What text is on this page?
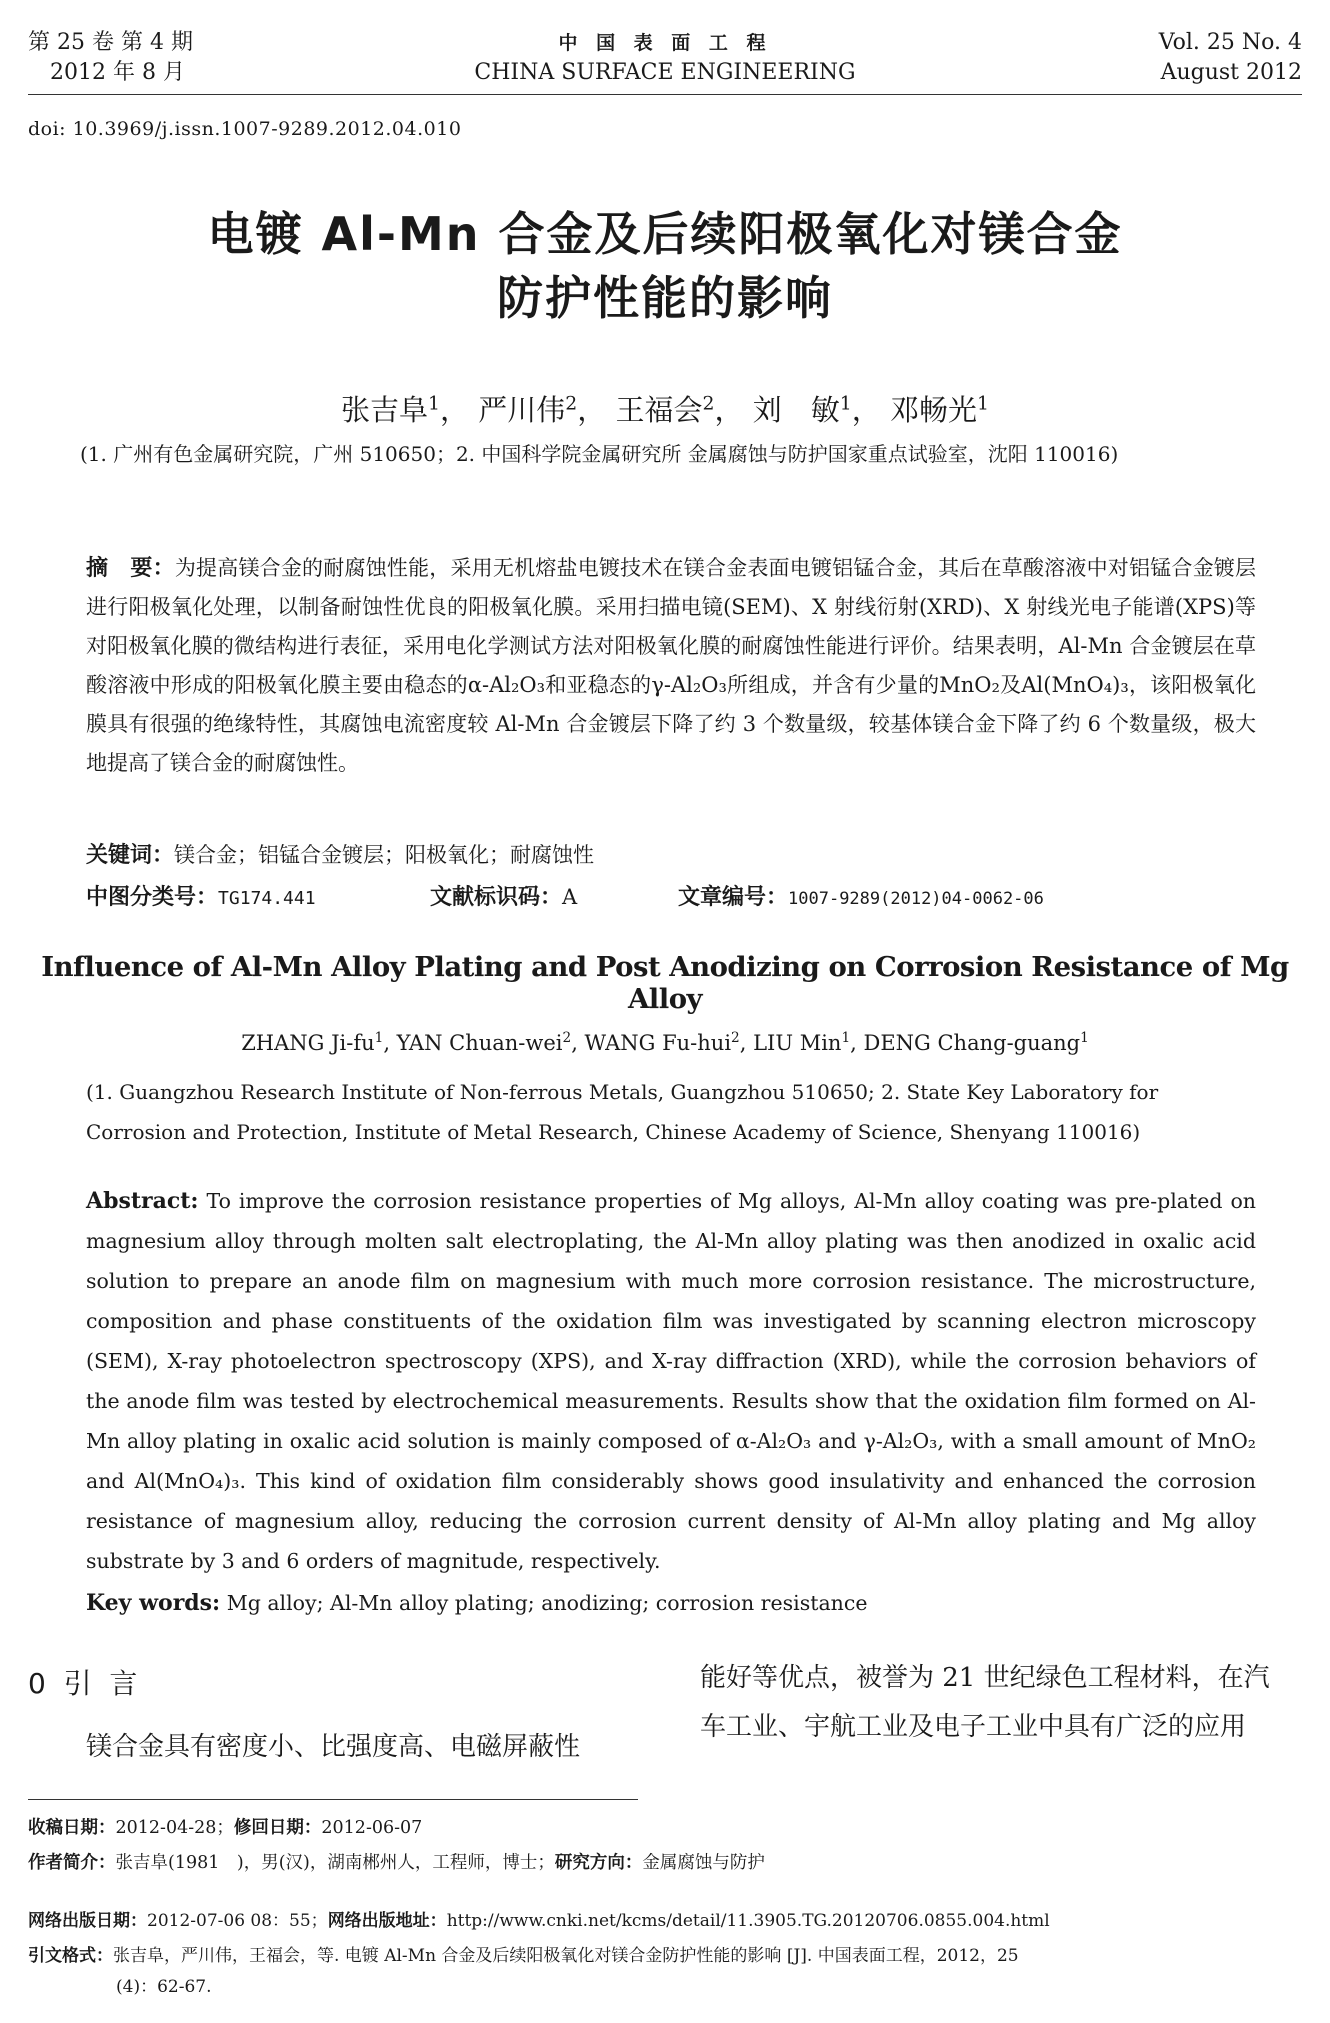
第 25 卷 第 4 期
2012 年 8 月
中 国 表 面 工 程
CHINA SURFACE ENGINEERING
Vol. 25 No. 4
August 2012
doi: 10.3969/j.issn.1007-9289.2012.04.010
电镀 Al-Mn 合金及后续阳极氧化对镁合金
防护性能的影响
张吉阜$^1$， 严川伟$^2$， 王福会$^2$， 刘　敏$^1$， 邓畅光$^1$
(1. 广州有色金属研究院，广州 510650；2. 中国科学院金属研究所 金属腐蚀与防护国家重点试验室，沈阳 110016)
摘　要：为提高镁合金的耐腐蚀性能，采用无机熔盐电镀技术在镁合金表面电镀铝锰合金，其后在草酸溶液中对铝锰合金镀层进行阳极氧化处理，以制备耐蚀性优良的阳极氧化膜。采用扫描电镜(SEM)、X 射线衍射(XRD)、X 射线光电子能谱(XPS)等对阳极氧化膜的微结构进行表征，采用电化学测试方法对阳极氧化膜的耐腐蚀性能进行评价。结果表明，Al-Mn 合金镀层在草酸溶液中形成的阳极氧化膜主要由稳态的α-Al₂O₃和亚稳态的γ-Al₂O₃所组成，并含有少量的MnO₂及Al(MnO₄)₃，该阳极氧化膜具有很强的绝缘特性，其腐蚀电流密度较 Al-Mn 合金镀层下降了约 3 个数量级，较基体镁合金下降了约 6 个数量级，极大地提高了镁合金的耐腐蚀性。
关键词：镁合金；铝锰合金镀层；阳极氧化；耐腐蚀性
中图分类号：TG174.441	文献标识码：A	文章编号：1007-9289(2012)04-0062-06
Influence of Al-Mn Alloy Plating and Post Anodizing on Corrosion Resistance of Mg Alloy
ZHANG $Ji-fu^1$, YAN Chuan-wei$^2$, WANG Fu-hui$^2$, LIU Min$^1$, DENG Chang-guang$^1$
(1. Guangzhou Research Institute of Non-ferrous Metals, Guangzhou 510650; 2. State Key Laboratory for
Corrosion and Protection, Institute of Metal Research, Chinese Academy of Science, Shenyang 110016)
Abstract: To improve the corrosion resistance properties of Mg alloys, Al-Mn alloy coating was pre-plated on magnesium alloy through molten salt electroplating, the Al-Mn alloy plating was then anodized in oxalic acid solution to prepare an anode film on magnesium with much more corrosion resistance. The microstructure, composition and phase constituents of the oxidation film was investigated by scanning electron microscopy (SEM), X-ray photoelectron spectroscopy (XPS), and X-ray diffraction (XRD), while the corrosion behaviors of the anode film was tested by electrochemical measurements. Results show that the oxidation film formed on Al-Mn alloy plating in oxalic acid solution is mainly composed of α-Al₂O₃ and γ-Al₂O₃, with a small amount of MnO₂ and Al(MnO₄)₃. This kind of oxidation film considerably shows good insulativity and enhanced the corrosion resistance of magnesium alloy, reducing the corrosion current density of Al-Mn alloy plating and Mg alloy substrate by 3 and 6 orders of magnitude, respectively.
Key words: Mg alloy; Al-Mn alloy plating; anodizing; corrosion resistance
0  引  言
镁合金具有密度小、比强度高、电磁屏蔽性
能好等优点，被誉为 21 世纪绿色工程材料，在汽
车工业、宇航工业及电子工业中具有广泛的应用
收稿日期：2012-04-28；修回日期：2012-06-07
作者简介：张吉阜(1981　)，男(汉)，湖南郴州人，工程师，博士；研究方向：金属腐蚀与防护
网络出版日期：2012-07-06 08：55；网络出版地址：http://www.cnki.net/kcms/detail/11.3905.TG.20120706.0855.004.html
引文格式：张吉阜，严川伟，王福会，等. 电镀 Al-Mn 合金及后续阳极氧化对镁合金防护性能的影响 [J]. 中国表面工程，2012，25
(4)：62-67.
